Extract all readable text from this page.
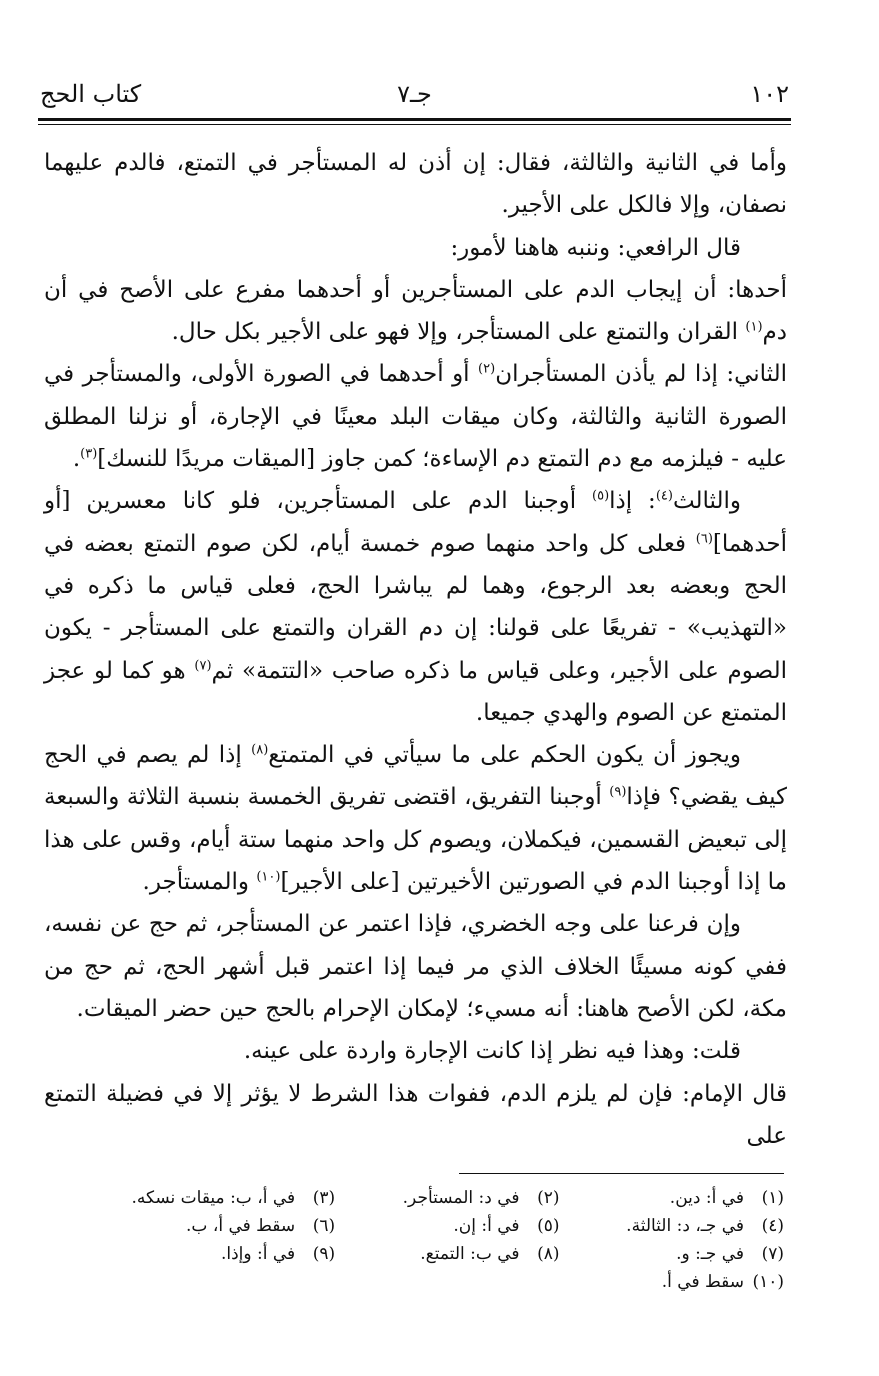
١٠٢
جـ٧
كتاب الحج

وأما في الثانية والثالثة، فقال: إن أذن له المستأجر في التمتع، فالدم عليهما نصفان، وإلا فالكل على الأجير.

قال الرافعي: وننبه هاهنا لأمور:

أحدها: أن إيجاب الدم على المستأجرين أو أحدهما مفرع على الأصح في أن دم$^{(١)}$ القران والتمتع على المستأجر، وإلا فهو على الأجير بكل حال.

الثاني: إذا لم يأذن المستأجران$^{(٢)}$ أو أحدهما في الصورة الأولى، والمستأجر في الصورة الثانية والثالثة، وكان ميقات البلد معينًا في الإجارة، أو نزلنا المطلق عليه - فيلزمه مع دم التمتع دم الإساءة؛ كمن جاوز [الميقات مريدًا للنسك]$^{(٣)}$.

والثالث$^{(٤)}$: إذا$^{(٥)}$ أوجبنا الدم على المستأجرين، فلو كانا معسرين [أو أحدهما]$^{(٦)}$ فعلى كل واحد منهما صوم خمسة أيام، لكن صوم التمتع بعضه في الحج وبعضه بعد الرجوع، وهما لم يباشرا الحج، فعلى قياس ما ذكره في «التهذيب» - تفريعًا على قولنا: إن دم القران والتمتع على المستأجر - يكون الصوم على الأجير، وعلى قياس ما ذكره صاحب «التتمة» ثم$^{(٧)}$ هو كما لو عجز المتمتع عن الصوم والهدي جميعا.

ويجوز أن يكون الحكم على ما سيأتي في المتمتع$^{(٨)}$ إذا لم يصم في الحج كيف يقضي؟ فإذا$^{(٩)}$ أوجبنا التفريق، اقتضى تفريق الخمسة بنسبة الثلاثة والسبعة إلى تبعيض القسمين، فيكملان، ويصوم كل واحد منهما ستة أيام، وقس على هذا ما إذا أوجبنا الدم في الصورتين الأخيرتين [على الأجير]$^{(١٠)}$ والمستأجر.

وإن فرعنا على وجه الخضري، فإذا اعتمر عن المستأجر، ثم حج عن نفسه، ففي كونه مسيئًا الخلاف الذي مر فيما إذا اعتمر قبل أشهر الحج، ثم حج من مكة، لكن الأصح هاهنا: أنه مسيء؛ لإمكان الإحرام بالحج حين حضر الميقات.

قلت: وهذا فيه نظر إذا كانت الإجارة واردة على عينه.

قال الإمام: فإن لم يلزم الدم، ففوات هذا الشرط لا يؤثر إلا في فضيلة التمتع على

(١)في أ: دين.
(٢)في د: المستأجر.
(٣)في أ، ب: ميقات نسكه.
(٤)في جـ، د: الثالثة.
(٥)في أ: إن.
(٦)سقط في أ، ب.
(٧)في جـ: و.
(٨)في ب: التمتع.
(٩)في أ: وإذا.
(١٠)سقط في أ.
